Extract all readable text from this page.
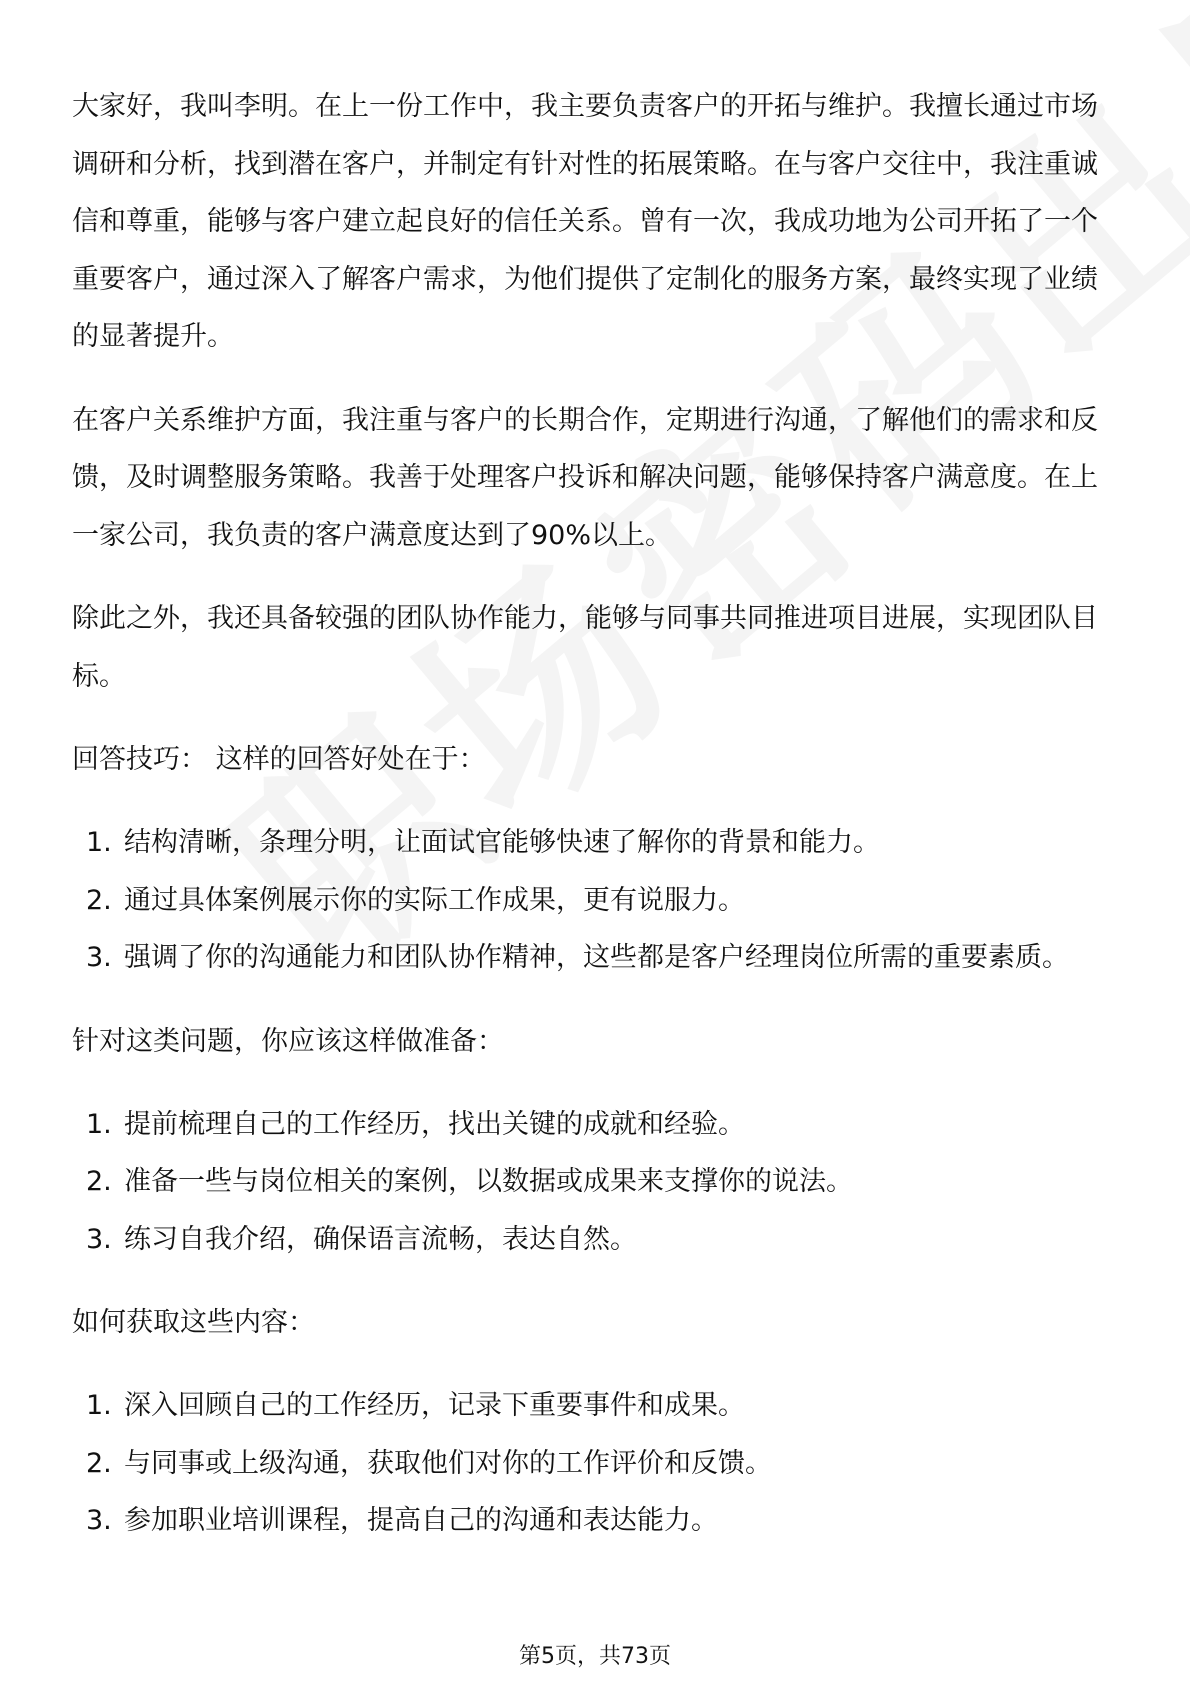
大家好，我叫李明。在上一份工作中，我主要负责客户的开拓与维护。我擅长通过市场调研和分析，找到潜在客户，并制定有针对性的拓展策略。在与客户交往中，我注重诚信和尊重，能够与客户建立起良好的信任关系。曾有一次，我成功地为公司开拓了一个重要客户，通过深入了解客户需求，为他们提供了定制化的服务方案，最终实现了业绩的显著提升。

在客户关系维护方面，我注重与客户的长期合作，定期进行沟通，了解他们的需求和反馈，及时调整服务策略。我善于处理客户投诉和解决问题，能够保持客户满意度。在上一家公司，我负责的客户满意度达到了90%以上。

除此之外，我还具备较强的团队协作能力，能够与同事共同推进项目进展，实现团队目标。

回答技巧： 这样的回答好处在于：

1. 结构清晰，条理分明，让面试官能够快速了解你的背景和能力。
2. 通过具体案例展示你的实际工作成果，更有说服力。
3. 强调了你的沟通能力和团队协作精神，这些都是客户经理岗位所需的重要素质。

针对这类问题，你应该这样做准备：

1. 提前梳理自己的工作经历，找出关键的成就和经验。
2. 准备一些与岗位相关的案例，以数据或成果来支撑你的说法。
3. 练习自我介绍，确保语言流畅，表达自然。

如何获取这些内容：

1. 深入回顾自己的工作经历，记录下重要事件和成果。
2. 与同事或上级沟通，获取他们对你的工作评价和反馈。
3. 参加职业培训课程，提高自己的沟通和表达能力。
第5页，共73页
